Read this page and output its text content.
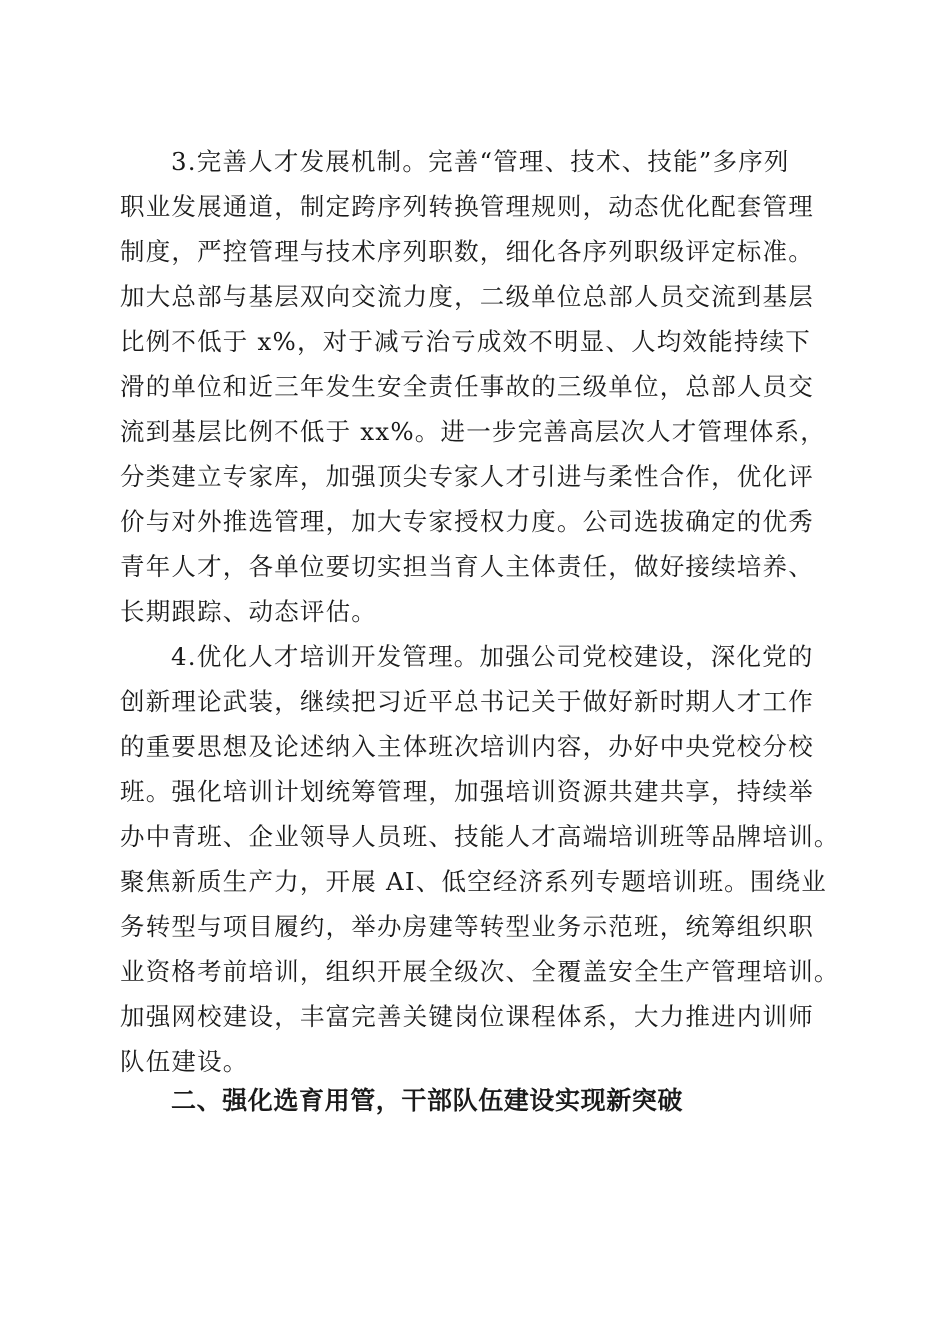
3.完善人才发展机制。完善“管理、技术、技能”多序列
职业发展通道，制定跨序列转换管理规则，动态优化配套管理
制度，严控管理与技术序列职数，细化各序列职级评定标准。
加大总部与基层双向交流力度，二级单位总部人员交流到基层
比例不低于 x%，对于减亏治亏成效不明显、人均效能持续下
滑的单位和近三年发生安全责任事故的三级单位，总部人员交
流到基层比例不低于 xx%。进一步完善高层次人才管理体系，
分类建立专家库，加强顶尖专家人才引进与柔性合作，优化评
价与对外推选管理，加大专家授权力度。公司选拔确定的优秀
青年人才，各单位要切实担当育人主体责任，做好接续培养、
长期跟踪、动态评估。
4.优化人才培训开发管理。加强公司党校建设，深化党的
创新理论武装，继续把习近平总书记关于做好新时期人才工作
的重要思想及论述纳入主体班次培训内容，办好中央党校分校
班。强化培训计划统筹管理，加强培训资源共建共享，持续举
办中青班、企业领导人员班、技能人才高端培训班等品牌培训。
聚焦新质生产力，开展 AI、低空经济系列专题培训班。围绕业
务转型与项目履约，举办房建等转型业务示范班，统筹组织职
业资格考前培训，组织开展全级次、全覆盖安全生产管理培训。
加强网校建设，丰富完善关键岗位课程体系，大力推进内训师
队伍建设。
二、强化选育用管，干部队伍建设实现新突破
